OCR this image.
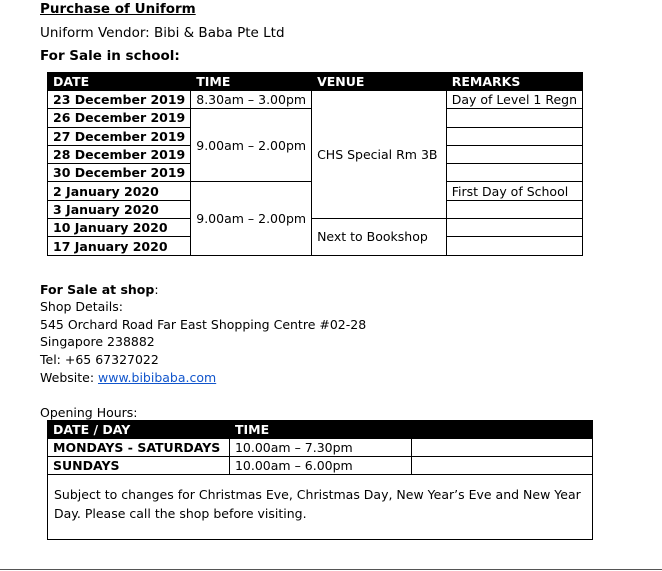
Purchase of Uniform
Uniform Vendor: Bibi & Baba Pte Ltd
For Sale in school:
DATE	TIME	VENUE	REMARKS
23 December 2019	8.30am – 3.00pm	CHS Special Rm 3B	Day of Level 1 Regn
26 December 2019	9.00am – 2.00pm		
27 December 2019			
28 December 2019			
30 December 2019			
2 January 2020	9.00am – 2.00pm		First Day of School
3 January 2020			
10 January 2020		Next to Bookshop	
17 January 2020			
For Sale at shop:
Shop Details:
545 Orchard Road Far East Shopping Centre #02-28
Singapore 238882
Tel: +65 67327022
Website: www.bibibaba.com
Opening Hours:
DATE / DAY	TIME	
MONDAYS - SATURDAYS	10.00am – 7.30pm	
SUNDAYS	10.00am – 6.00pm	
Subject to changes for Christmas Eve, Christmas Day, New Year’s Eve and New Year Day. Please call the shop before visiting.		
